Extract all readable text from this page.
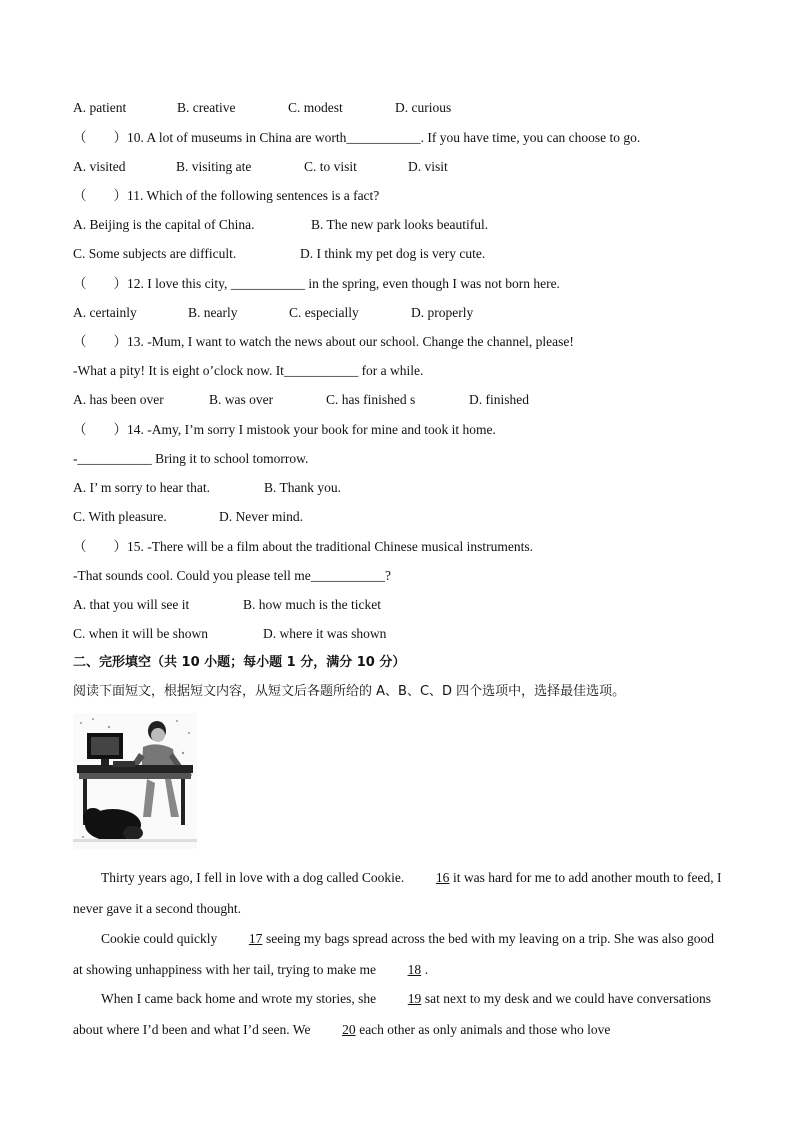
A. patient	B. creative	C. modest	D. curious
（　　）10. A lot of museums in China are worth___________. If you have time, you can choose to go.
A. visited	B. visiting ate	C. to visit	D. visit
（　　）11. Which of the following sentences is a fact?
A. Beijing is the capital of China.	B. The new park looks beautiful.
C. Some subjects are difficult.	D. I think my pet dog is very cute.
（　　）12. I love this city, ___________ in the spring, even though I was not born here.
A. certainly	B. nearly	C. especially	D. properly
（　　）13. -Mum, I want to watch the news about our school. Change the channel, please!
-What a pity! It is eight o’clock now. It___________ for a while.
A. has been over	B. was over	C. has finished s	D. finished
（　　）14. -Amy, I’m sorry I mistook your book for mine and took it home.
-___________ Bring it to school tomorrow.
A. I’ m sorry to hear that.	B. Thank you.
C. With pleasure.	D. Never mind.
（　　）15. -There will be a film about the traditional Chinese musical instruments.
-That sounds cool. Could you please tell me___________?
A. that you will see it	B. how much is the ticket
C. when it will be shown	D. where it was shown
二、完形填空（共 10 小题；每小题 1 分，满分 10 分）
阅读下面短文，根据短文内容，从短文后各题所给的 A、B、C、D 四个选项中，选择最佳选项。
Thirty years ago, I fell in love with a dog called Cookie. 16 it was hard for me to add another mouth to feed, I never gave it a second thought.
Cookie could quickly 17 seeing my bags spread across the bed with my leaving on a trip. She was also good at showing unhappiness with her tail, trying to make me 18 .
When I came back home and wrote my stories, she 19 sat next to my desk and we could have conversations about where I’d been and what I’d seen. We 20 each other as only animals and those who love
